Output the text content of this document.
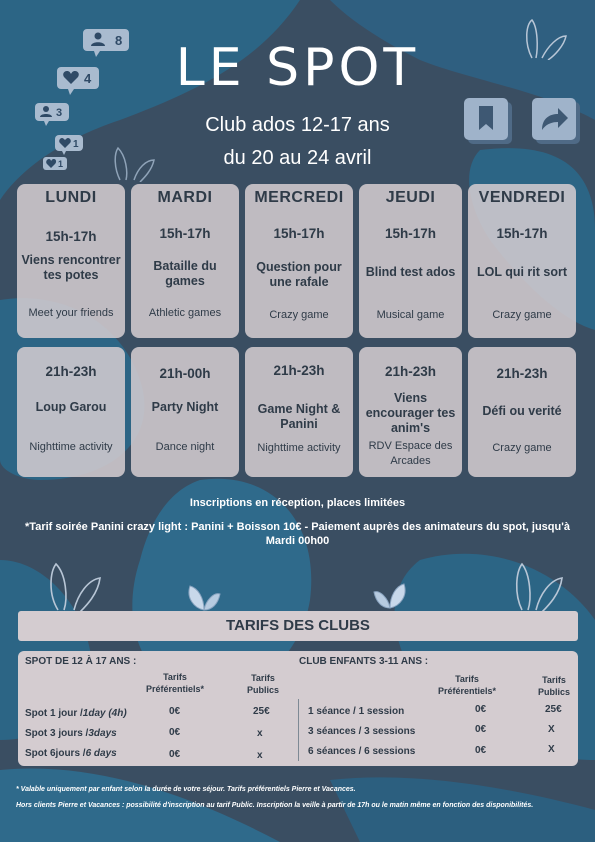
8
4
3
1
1
LE SPOT
Club ados 12-17 ans
du 20 au 24 avril
LUNDI
15h-17h
Viens rencontrer tes potes
Meet your friends
MARDI
15h-17h
Bataille du games
Athletic games
MERCREDI
15h-17h
Question pour une rafale
Crazy game
JEUDI
15h-17h
Blind test ados
Musical game
VENDREDI
15h-17h
LOL qui rit sort
Crazy game
21h-23h
Loup Garou
Nighttime activity
21h-00h
Party Night
Dance night
21h-23h
Game Night & Panini
Nighttime activity
21h-23h
Viens encourager tes anim's
RDV Espace des Arcades
21h-23h
Défi ou verité
Crazy game
Inscriptions en réception, places limitées
*Tarif soirée Panini crazy light : Panini + Boisson 10€ - Paiement auprès des animateurs du spot, jusqu'à Mardi 00h00
TARIFS DES CLUBS
SPOT DE 12 À 17 ANS :
Tarifs Préférentiels*
Tarifs Publics
Spot 1 jour /1day (4h)	0€	25€
Spot 3 jours /3days	0€	x
Spot 6jours /6 days	0€	x
CLUB ENFANTS 3-11 ANS :
Tarifs Préférentiels*
Tarifs Publics
1 séance / 1 session	0€	25€
3 séances / 3 sessions	0€	X
6 séances / 6 sessions	0€	X
* Valable uniquement par enfant selon la durée de votre séjour. Tarifs préférentiels Pierre et Vacances.
Hors clients Pierre et Vacances : possibilité d'inscription au tarif Public. Inscription la veille à partir de 17h ou le matin même en fonction des disponibilités.
